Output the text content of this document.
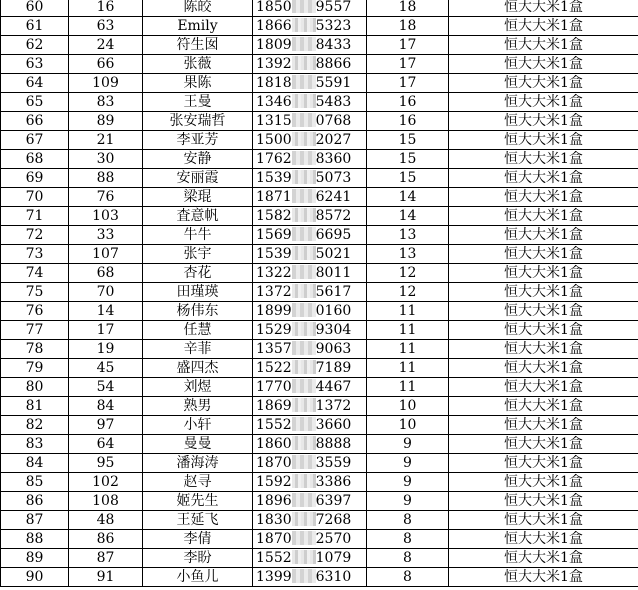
60	16	陈皎	1850 9557	18	恒大大米1盒
61	63	Emily	1866 5323	18	恒大大米1盒
62	24	符生囡	1809 8433	17	恒大大米1盒
63	66	张薇	1392 8866	17	恒大大米1盒
64	109	果陈	1818 5591	17	恒大大米1盒
65	83	王曼	1346 5483	16	恒大大米1盒
66	89	张安瑞哲	1315 0768	16	恒大大米1盒
67	21	李亚芳	1500 2027	15	恒大大米1盒
68	30	安静	1762 8360	15	恒大大米1盒
69	88	安丽霞	1539 5073	15	恒大大米1盒
70	76	梁琨	1871 6241	14	恒大大米1盒
71	103	査意帆	1582 8572	14	恒大大米1盒
72	33	牛牛	1569 6695	13	恒大大米1盒
73	107	张宇	1539 5021	13	恒大大米1盒
74	68	杏花	1322 8011	12	恒大大米1盒
75	70	田瑾瑛	1372 5617	12	恒大大米1盒
76	14	杨伟东	1899 0160	11	恒大大米1盒
77	17	任慧	1529 9304	11	恒大大米1盒
78	19	辛菲	1357 9063	11	恒大大米1盒
79	45	盛四杰	1522 7189	11	恒大大米1盒
80	54	刘煜	1770 4467	11	恒大大米1盒
81	84	熟男	1869 1372	10	恒大大米1盒
82	97	小轩	1552 3660	10	恒大大米1盒
83	64	曼曼	1860 8888	9	恒大大米1盒
84	95	潘海涛	1870 3559	9	恒大大米1盒
85	102	赵寻	1592 3386	9	恒大大米1盒
86	108	姬先生	1896 6397	9	恒大大米1盒
87	48	王延飞	1830 7268	8	恒大大米1盒
88	86	李倩	1870 2570	8	恒大大米1盒
89	87	李盼	1552 1079	8	恒大大米1盒
90	91	小鱼儿	1399 6310	8	恒大大米1盒
